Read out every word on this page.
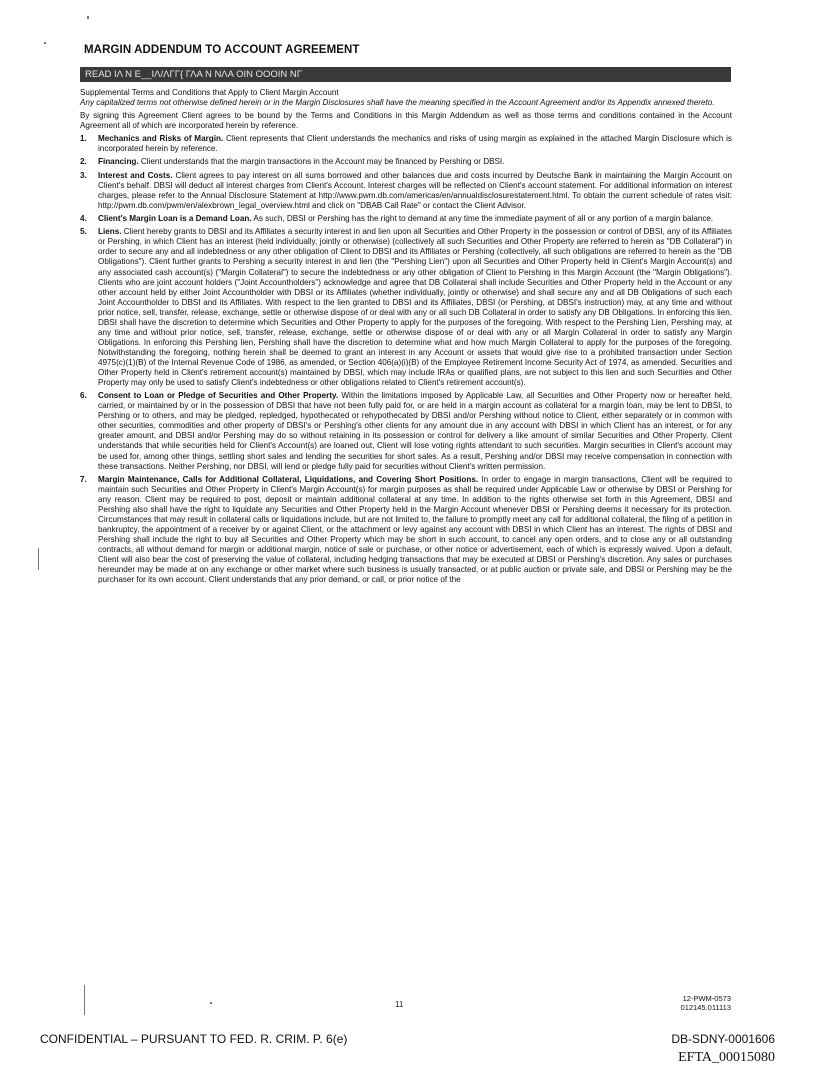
MARGIN ADDENDUM TO ACCOUNT AGREEMENT
READ ΙΛ Ν Ε__ΙΛ/ΛΓΓ{ ΓΛΑ Ν ΝΛΑ ΟΙΝ ΟΟΟΙΝ ΝΓ

Supplemental Terms and Conditions that Apply to Client Margin Account

Any capitalized terms not otherwise defined herein or in the Margin Disclosures shall have the meaning specified in the Account Agreement and/or its Appendix annexed thereto.

By signing this Agreement Client agrees to be bound by the Terms and Conditions in this Margin Addendum as well as those terms and conditions contained in the Account Agreement all of which are incorporated herein by reference.

1. Mechanics and Risks of Margin. Client represents that Client understands the mechanics and risks of using margin as explained in the attached Margin Disclosure which is incorporated herein by reference.
2. Financing. Client understands that the margin transactions in the Account may be financed by Pershing or DBSI.
3. Interest and Costs. Client agrees to pay interest on all sums borrowed and other balances due and costs incurred by Deutsche Bank in maintaining the Margin Account on Client's behalf. DBSI will deduct all interest charges from Client's Account. Interest charges will be reflected on Client's account statement. For additional information on interest charges, please refer to the Annual Disclosure Statement at http://www.pwm.db.com/americas/en/annualdisclosurestatement.html. To obtain the current schedule of rates visit: http://pwm.db.com/pwm/en/alexbrown_legal_overview.html and click on "DBAB Call Rate" or contact the Client Advisor.
4. Client's Margin Loan is a Demand Loan. As such, DBSI or Pershing has the right to demand at any time the immediate payment of all or any portion of a margin balance.
5. Liens. Client hereby grants to DBSI and its Affiliates a security interest in and lien upon all Securities and Other Property in the possession or control of DBSI, any of its Affiliates or Pershing, in which Client has an interest (held individually, jointly or otherwise) (collectively all such Securities and Other Property are referred to herein as "DB Collateral") in order to secure any and all indebtedness or any other obligation of Client to DBSI and its Affiliates or Pershing (collectively, all such obligations are referred to herein as the "DB Obligations"). Client further grants to Pershing a security interest in and lien (the "Pershing Lien") upon all Securities and Other Property held in Client's Margin Account(s) and any associated cash account(s) ("Margin Collateral") to secure the indebtedness or any other obligation of Client to Pershing in this Margin Account (the "Margin Obligations"). Clients who are joint account holders ("Joint Accountholders") acknowledge and agree that DB Collateral shall include Securities and Other Property held in the Account or any other account held by either Joint Accountholder with DBSI or its Affiliates (whether individually, jointly or otherwise) and shall secure any and all DB Obligations of such each Joint Accountholder to DBSI and its Affiliates. With respect to the lien granted to DBSI and its Affiliates, DBSI (or Pershing, at DBSI's instruction) may, at any time and without prior notice, sell, transfer, release, exchange, settle or otherwise dispose of or deal with any or all such DB Collateral in order to satisfy any DB Obligations. In enforcing this lien, DBSI shall have the discretion to determine which Securities and Other Property to apply for the purposes of the foregoing. With respect to the Pershing Lien, Pershing may, at any time and without prior notice, sell, transfer, release, exchange, settle or otherwise dispose of or deal with any or all Margin Collateral in order to satisfy any Margin Obligations. In enforcing this Pershing lien, Pershing shall have the discretion to determine what and how much Margin Collateral to apply for the purposes of the foregoing. Notwithstanding the foregoing, nothing herein shall be deemed to grant an interest in any Account or assets that would give rise to a prohibited transaction under Section 4975(c)(1)(B) of the Internal Revenue Code of 1986, as amended, or Section 406(a)(i)(B) of the Employee Retirement Income Security Act of 1974, as amended. Securities and Other Property held in Client's retirement account(s) maintained by DBSI, which may include IRAs or qualified plans, are not subject to this lien and such Securities and Other Property may only be used to satisfy Client's indebtedness or other obligations related to Client's retirement account(s).
6. Consent to Loan or Pledge of Securities and Other Property. Within the limitations imposed by Applicable Law, all Securities and Other Property now or hereafter held, carried, or maintained by or in the possession of DBSI that have not been fully paid for, or are held in a margin account as collateral for a margin loan, may be lent to DBSI, to Pershing or to others, and may be pledged, repledged, hypothecated or rehypothecated by DBSI and/or Pershing without notice to Client, either separately or in common with other securities, commodities and other property of DBSI's or Pershing's other clients for any amount due in any account with DBSI in which Client has an interest, or for any greater amount, and DBSI and/or Pershing may do so without retaining in its possession or control for delivery a like amount of similar Securities and Other Property. Client understands that while securities held for Client's Account(s) are loaned out, Client will lose voting rights attendant to such securities. Margin securities in Client's account may be used for, among other things, settling short sales and lending the securities for short sales. As a result, Pershing and/or DBSI may receive compensation in connection with these transactions. Neither Pershing, nor DBSI, will lend or pledge fully paid for securities without Client's written permission.
7. Margin Maintenance, Calls for Additional Collateral, Liquidations, and Covering Short Positions. In order to engage in margin transactions, Client will be required to maintain such Securities and Other Property in Client's Margin Account(s) for margin purposes as shall be required under Applicable Law or otherwise by DBSI or Pershing for any reason. Client may be required to post, deposit or maintain additional collateral at any time. In addition to the rights otherwise set forth in this Agreement, DBSI and Pershing also shall have the right to liquidate any Securities and Other Property held in the Margin Account whenever DBSI or Pershing deems it necessary for its protection. Circumstances that may result in collateral calls or liquidations include, but are not limited to, the failure to promptly meet any call for additional collateral, the filing of a petition in bankruptcy, the appointment of a receiver by or against Client, or the attachment or levy against any account with DBSI in which Client has an interest. The rights of DBSI and Pershing shall include the right to buy all Securities and Other Property which may be short in such account, to cancel any open orders, and to close any or all outstanding contracts, all without demand for margin or additional margin, notice of sale or purchase, or other notice or advertisement, each of which is expressly waived. Upon a default, Client will also bear the cost of preserving the value of collateral, including hedging transactions that may be executed at DBSI or Pershing's discretion. Any sales or purchases hereunder may be made at on any exchange or other market where such business is usually transacted, or at public auction or private sale, and DBSI or Pershing may be the purchaser for its own account. Client understands that any prior demand, or call, or prior notice of the
11
12-PWM-0573
012145.011113
CONFIDENTIAL – PURSUANT TO FED. R. CRIM. P. 6(e)	DB-SDNY-0001606
EFTA_00015080
